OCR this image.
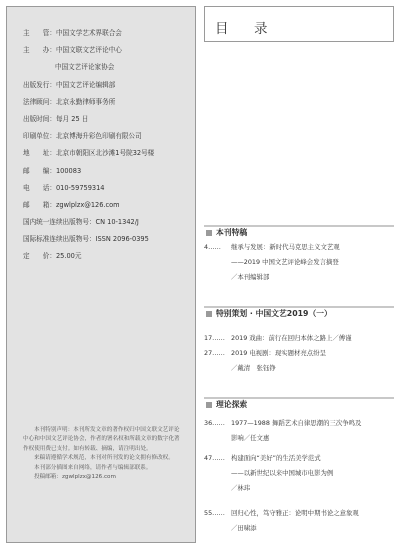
主　　管： 中国文学艺术界联合会
主　　办： 中国文联文艺评论中心
中国文艺评论家协会
出版发行： 中国文艺评论编辑部
法律顾问： 北京永勤律师事务所
出版时间： 每月 25 日
印刷单位： 北京博海升彩色印刷有限公司
地　　址： 北京市朝阳区北沙滩1号院32号楼
邮　　编： 100083
电　　话： 010-59759314
邮　　箱： zgwlplzx@126.com
国内统一连续出版物号： CN 10-1342/J
国际标准连续出版物号： ISSN 2096-0395
定　　价： 25.00元

本刊特别声明：本刊所发文章的著作权归中国文联文艺评论中心和中国文艺评论协会，作者的署名权和所载文章的数字化著作权使用费已支付。如有转载、摘编，请注明出处。

来稿请遵循学术规范，本刊对所刊发的论文拥有修改权。

本刊部分插图来自网络，请作者与编辑部联系。

投稿邮箱：zgwlplzx@126.com

目　录
本刊特稿
4……	继承与发展：新时代马克思主义文艺观
——2019 中国文艺评论峰会发言摘登
／本刊编辑部
特别策划 · 中国文艺2019（一）
17…… 2019 戏曲：前行在回归本体之路上／傅谨
27…… 2019 电视剧：现实题材亮点纷呈
／戴清　张钰铮
理论探索
36…… 1977—1988 舞蹈艺术自律思潮的三次争鸣及
影响／任文惠
47…… 构建面向“美好”的生活美学范式
——以新世纪以来中国城市电影为例
／林玮
55…… 回归心性，笃守雅正：论明中期书论之意象观
／田啸添
